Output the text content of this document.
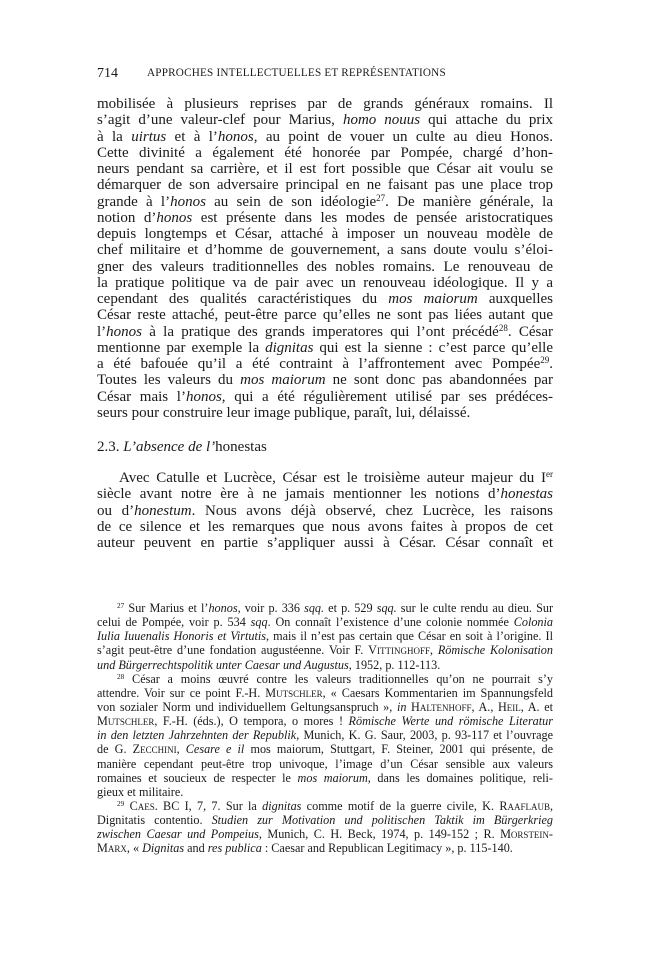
714	APPROCHES INTELLECTUELLES ET REPRÉSENTATIONS
mobilisée à plusieurs reprises par de grands généraux romains. Il
s’agit d’une valeur-clef pour Marius, homo nouus qui attache du prix
à la uirtus et à l’honos, au point de vouer un culte au dieu Honos.
Cette divinité a également été honorée par Pompée, chargé d’hon-
neurs pendant sa carrière, et il est fort possible que César ait voulu se
démarquer de son adversaire principal en ne faisant pas une place trop
grande à l’honos au sein de son idéologie$^{27}$. De manière générale, la
notion d’honos est présente dans les modes de pensée aristocratiques
depuis longtemps et César, attaché à imposer un nouveau modèle de
chef militaire et d’homme de gouvernement, a sans doute voulu s’éloi-
gner des valeurs traditionnelles des nobles romains. Le renouveau de
la pratique politique va de pair avec un renouveau idéologique. Il y a
cependant des qualités caractéristiques du mos maiorum auxquelles
César reste attaché, peut-être parce qu’elles ne sont pas liées autant que
l’honos à la pratique des grands imperatores qui l’ont précédé$^{28}$. César
mentionne par exemple la dignitas qui est la sienne : c’est parce qu’elle
a été bafouée qu’il a été contraint à l’affrontement avec Pompée$^{29}$.
Toutes les valeurs du mos maiorum ne sont donc pas abandonnées par
César mais l’honos, qui a été régulièrement utilisé par ses prédéces-
seurs pour construire leur image publique, paraît, lui, délaissé.
2.3. L’absence de l’honestas
Avec Catulle et Lucrèce, César est le troisième auteur majeur du Ier
siècle avant notre ère à ne jamais mentionner les notions d’honestas
ou d’honestum. Nous avons déjà observé, chez Lucrèce, les raisons
de ce silence et les remarques que nous avons faites à propos de cet
auteur peuvent en partie s’appliquer aussi à César. César connaît et
$^{27}$ Sur Marius et l’honos, voir p. 336 sqq. et p. 529 sqq. sur le culte rendu au dieu. Sur
celui de Pompée, voir p. 534 sqq. On connaît l’existence d’une colonie nommée Colonia
Iulia Iuuenalis Honoris et Virtutis, mais il n’est pas certain que César en soit à l’origine. Il
s’agit peut-être d’une fondation augustéenne. Voir F. Vittinghoff, Römische Kolonisation
und Bürgerrechtspolitik unter Caesar und Augustus, 1952, p. 112-113.
$^{28}$ César a moins œuvré contre les valeurs traditionnelles qu’on ne pourrait s’y
attendre. Voir sur ce point F.-H. Mutschler, « Caesars Kommentarien im Spannungsfeld
von sozialer Norm und individuellem Geltungsanspruch », in Haltenhoff, A., Heil, A. et
Mutschler, F.-H. (éds.), O tempora, o mores ! Römische Werte und römische Literatur
in den letzten Jahrzehnten der Republik, Munich, K. G. Saur, 2003, p. 93-117 et l’ouvrage
de G. Zecchini, Cesare e il mos maiorum, Stuttgart, F. Steiner, 2001 qui présente, de
manière cependant peut-être trop univoque, l’image d’un César sensible aux valeurs
romaines et soucieux de respecter le mos maiorum, dans les domaines politique, reli-
gieux et militaire.
$^{29}$ Caes. BC I, 7, 7. Sur la dignitas comme motif de la guerre civile, K. Raaflaub,
Dignitatis contentio. Studien zur Motivation und politischen Taktik im Bürgerkrieg
zwischen Caesar und Pompeius, Munich, C. H. Beck, 1974, p. 149-152 ; R. Morstein-
Marx, « Dignitas and res publica : Caesar and Republican Legitimacy », p. 115-140.
